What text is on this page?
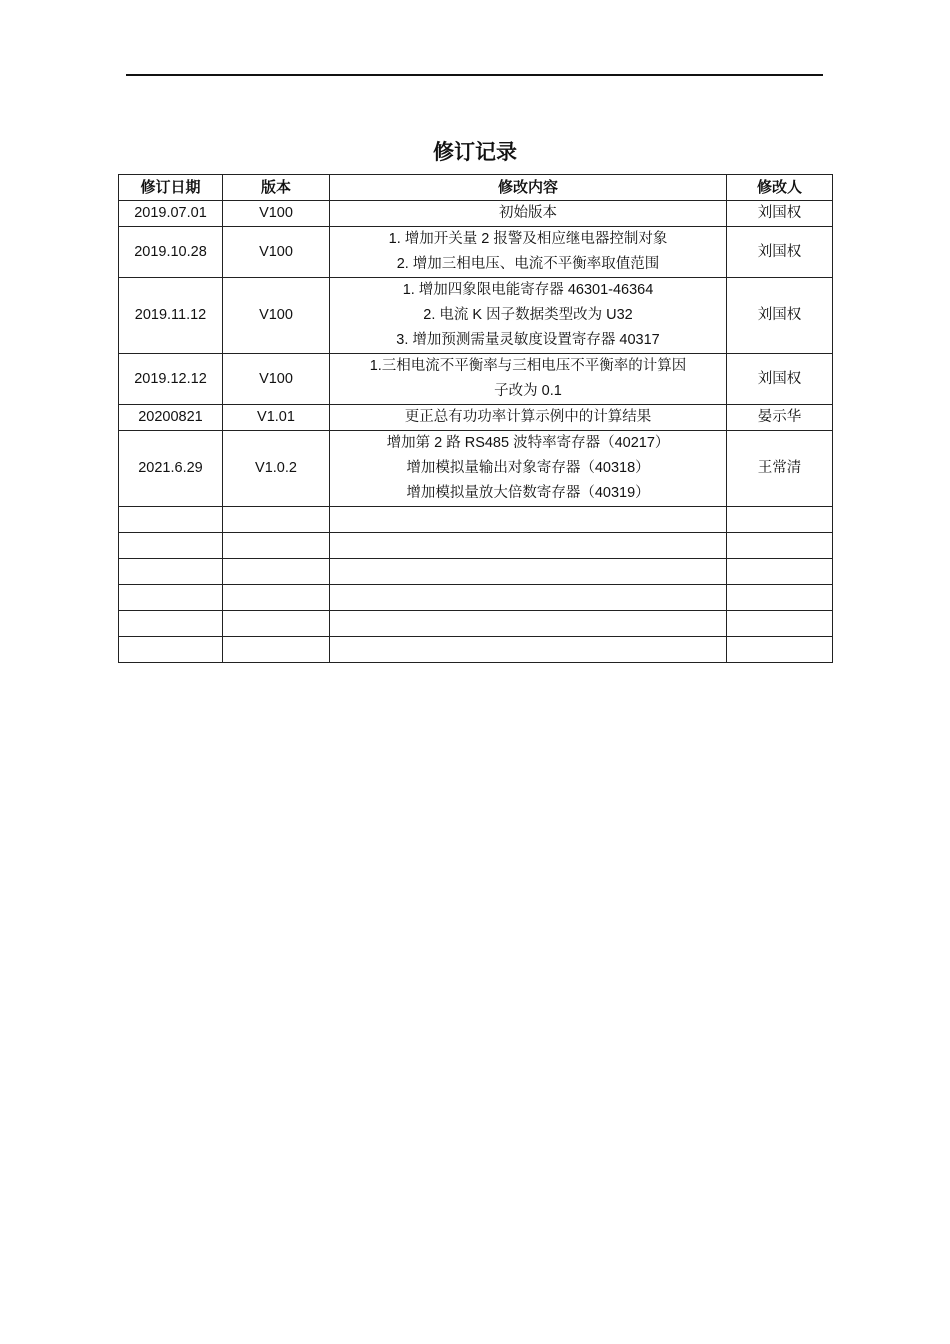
修订记录
修订日期	版本	修改内容	修改人
2019.07.01	V100	初始版本	刘国权
2019.10.28	V100	1. 增加开关量 2 报警及相应继电器控制对象
2. 增加三相电压、电流不平衡率取值范围	刘国权
2019.11.12	V100	1. 增加四象限电能寄存器 46301-46364
2. 电流 K 因子数据类型改为 U32
3. 增加预测需量灵敏度设置寄存器 40317	刘国权
2019.12.12	V100	1.三相电流不平衡率与三相电压不平衡率的计算因
子改为 0.1	刘国权
20200821	V1.01	更正总有功功率计算示例中的计算结果	晏示华
2021.6.29	V1.0.2	增加第 2 路 RS485 波特率寄存器（40217）
增加模拟量输出对象寄存器（40318）
增加模拟量放大倍数寄存器（40319）	王常清
